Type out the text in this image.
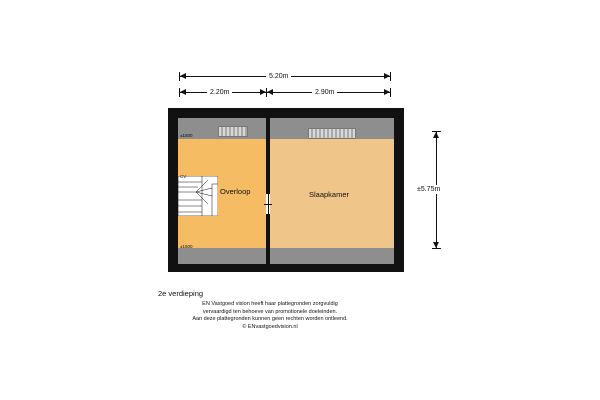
5.20m
2.20m	2.90m
±5.75m
Overloop	Slaapkamer
±1500
±1500
CV
2e verdieping
EN Vastgoed vision heeft haar plattegronden zorgvuldig
vervaardigd ten behoeve van promotionele doeleinden.
Aan deze plattegronden kunnen geen rechten worden ontleend.
© ENvastgoedvision.nl
